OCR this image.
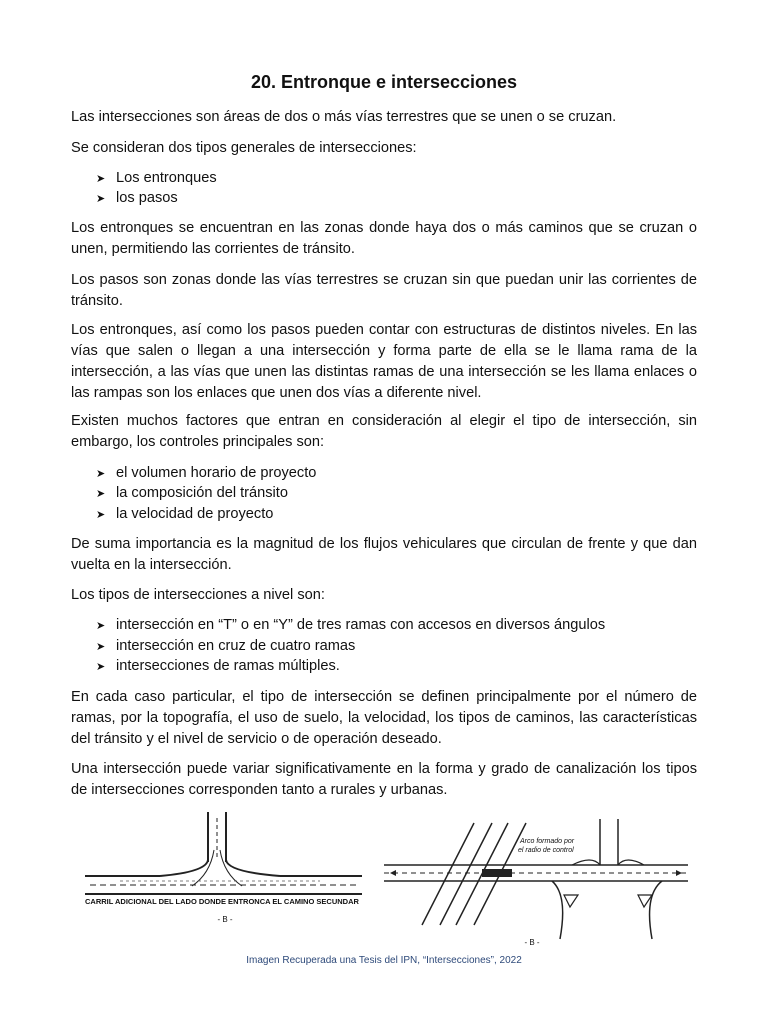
20. Entronque e intersecciones

Las intersecciones son áreas de dos o más vías terrestres que se unen o se cruzan.

Se consideran dos tipos generales de intersecciones:

➤ Los entronques
➤ los pasos

Los entronques se encuentran en las zonas donde haya dos o más caminos que se cruzan o unen, permitiendo las corrientes de tránsito.

Los pasos son zonas donde las vías terrestres se cruzan sin que puedan unir las corrientes de tránsito.

Los entronques, así como los pasos pueden contar con estructuras de distintos niveles. En las vías que salen o llegan a una intersección y forma parte de ella se le llama rama de la intersección, a las vías que unen las distintas ramas de una intersección se les llama enlaces o las rampas son los enlaces que unen dos vías a diferente nivel.

Existen muchos factores que entran en consideración al elegir el tipo de intersección, sin embargo, los controles principales son:

➤ el volumen horario de proyecto
➤ la composición del tránsito
➤ la velocidad de proyecto

De suma importancia es la magnitud de los flujos vehiculares que circulan de frente y que dan vuelta en la intersección.

Los tipos de intersecciones a nivel son:

➤ intersección en “T” o en “Y” de tres ramas con accesos en diversos ángulos
➤ intersección en cruz de cuatro ramas
➤ intersecciones de ramas múltiples.

En cada caso particular, el tipo de intersección se definen principalmente por el número de ramas, por la topografía, el uso de suelo, la velocidad, los tipos de caminos, las características del tránsito y el nivel de servicio o de operación deseado.

Una intersección puede variar significativamente en la forma y grado de canalización los tipos de intersecciones corresponden tanto a rurales y urbanas.

CARRIL ADICIONAL DEL LADO DONDE ENTRONCA EL CAMINO SECUNDAR
- B -
Arco formado por
el radio de control
- B -
Imagen Recuperada una Tesis del IPN, “Intersecciones”, 2022
